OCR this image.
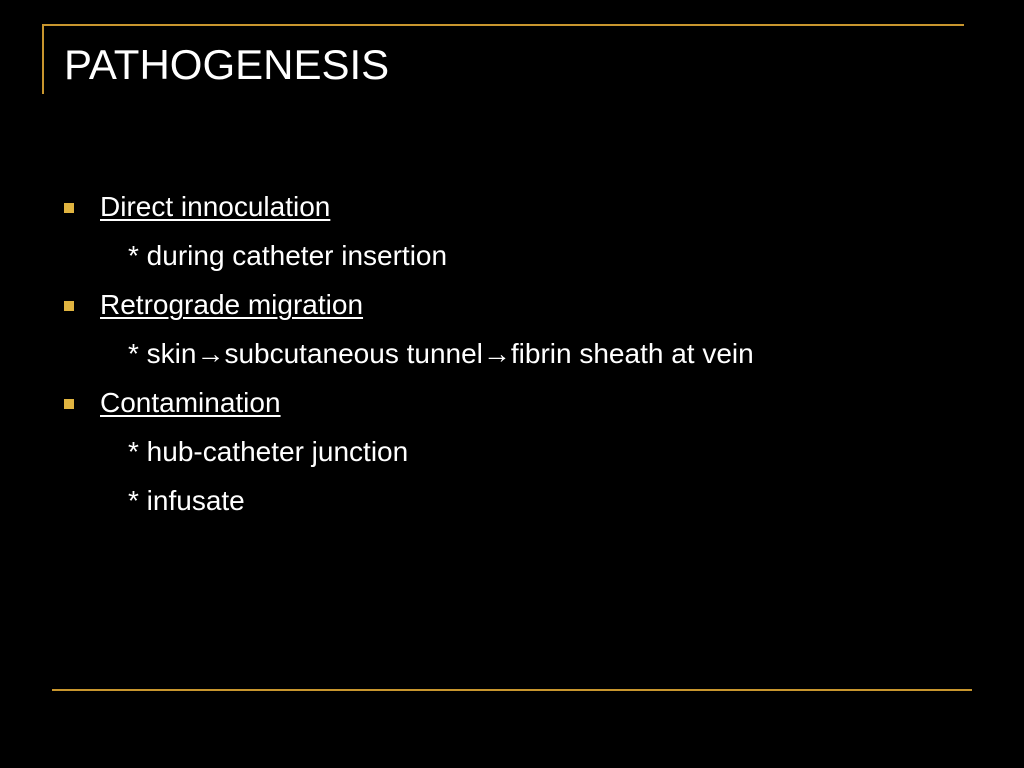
PATHOGENESIS
Direct innoculation
* during catheter insertion
Retrograde migration
* skin→subcutaneous tunnel→fibrin sheath at vein
Contamination
* hub-catheter junction
* infusate
